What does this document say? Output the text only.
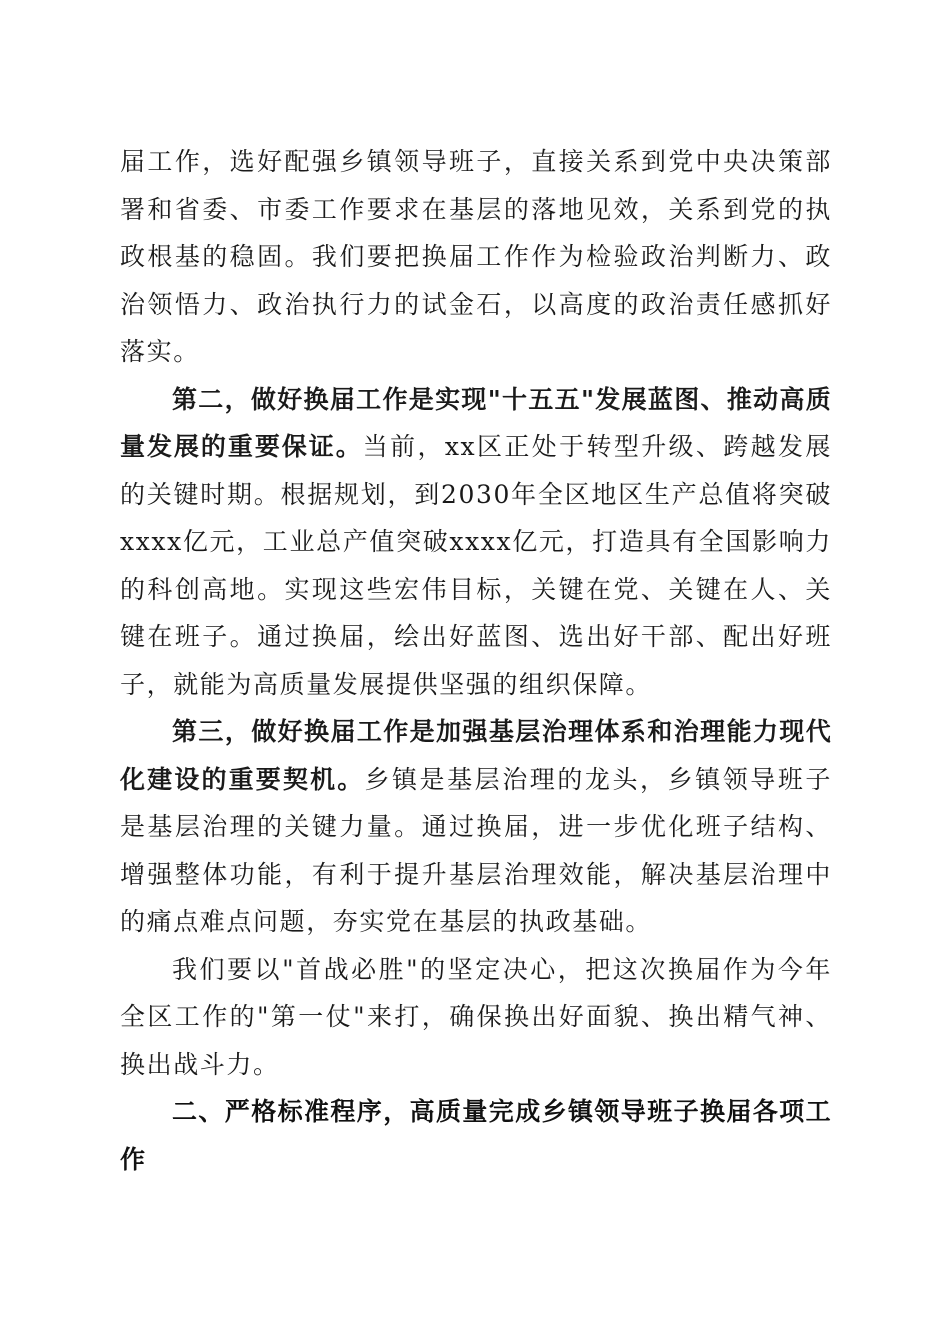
届工作，选好配强乡镇领导班子，直接关系到党中央决策部署和省委、市委工作要求在基层的落地见效，关系到党的执政根基的稳固。我们要把换届工作作为检验政治判断力、政治领悟力、政治执行力的试金石，以高度的政治责任感抓好落实。

第二，做好换届工作是实现"十五五"发展蓝图、推动高质量发展的重要保证。当前，xx区正处于转型升级、跨越发展的关键时期。根据规划，到2030年全区地区生产总值将突破xxxx亿元，工业总产值突破xxxx亿元，打造具有全国影响力的科创高地。实现这些宏伟目标，关键在党、关键在人、关键在班子。通过换届，绘出好蓝图、选出好干部、配出好班子，就能为高质量发展提供坚强的组织保障。

第三，做好换届工作是加强基层治理体系和治理能力现代化建设的重要契机。乡镇是基层治理的龙头，乡镇领导班子是基层治理的关键力量。通过换届，进一步优化班子结构、增强整体功能，有利于提升基层治理效能，解决基层治理中的痛点难点问题，夯实党在基层的执政基础。

我们要以"首战必胜"的坚定决心，把这次换届作为今年全区工作的"第一仗"来打，确保换出好面貌、换出精气神、换出战斗力。

二、严格标准程序，高质量完成乡镇领导班子换届各项工作
